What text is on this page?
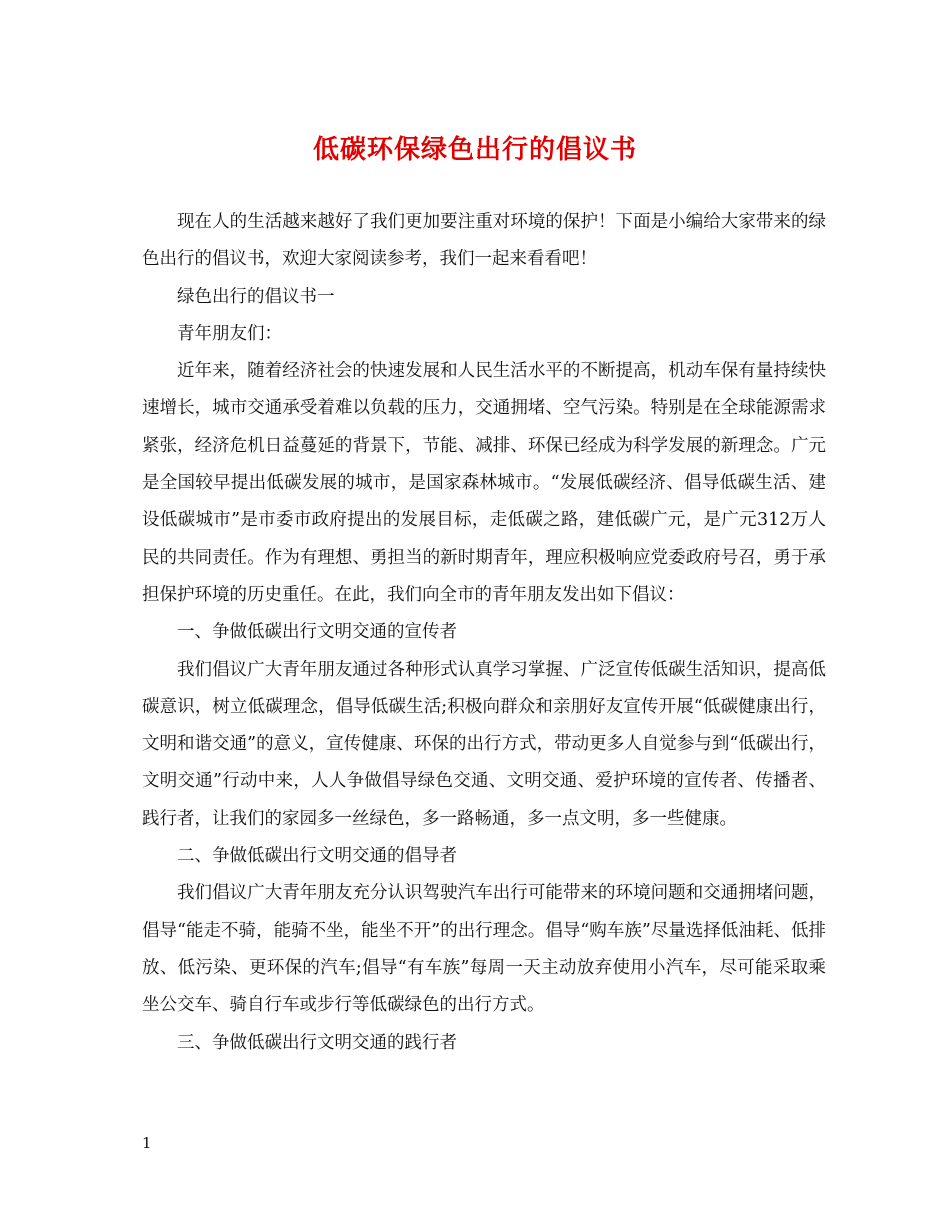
低碳环保绿色出行的倡议书

现在人的生活越来越好了我们更加要注重对环境的保护！下面是小编给大家带来的绿色出行的倡议书，欢迎大家阅读参考，我们一起来看看吧！

绿色出行的倡议书一

青年朋友们：

近年来，随着经济社会的快速发展和人民生活水平的不断提高，机动车保有量持续快速增长，城市交通承受着难以负载的压力，交通拥堵、空气污染。特别是在全球能源需求紧张，经济危机日益蔓延的背景下，节能、减排、环保已经成为科学发展的新理念。广元是全国较早提出低碳发展的城市，是国家森林城市。“发展低碳经济、倡导低碳生活、建设低碳城市”是市委市政府提出的发展目标，走低碳之路，建低碳广元，是广元312万人民的共同责任。作为有理想、勇担当的新时期青年，理应积极响应党委政府号召，勇于承担保护环境的历史重任。在此，我们向全市的青年朋友发出如下倡议：

一、争做低碳出行文明交通的宣传者

我们倡议广大青年朋友通过各种形式认真学习掌握、广泛宣传低碳生活知识，提高低碳意识，树立低碳理念，倡导低碳生活;积极向群众和亲朋好友宣传开展“低碳健康出行，文明和谐交通”的意义，宣传健康、环保的出行方式，带动更多人自觉参与到“低碳出行，文明交通”行动中来，人人争做倡导绿色交通、文明交通、爱护环境的宣传者、传播者、践行者，让我们的家园多一丝绿色，多一路畅通，多一点文明，多一些健康。

二、争做低碳出行文明交通的倡导者

我们倡议广大青年朋友充分认识驾驶汽车出行可能带来的环境问题和交通拥堵问题，倡导“能走不骑，能骑不坐，能坐不开”的出行理念。倡导“购车族”尽量选择低油耗、低排放、低污染、更环保的汽车;倡导“有车族”每周一天主动放弃使用小汽车，尽可能采取乘坐公交车、骑自行车或步行等低碳绿色的出行方式。

三、争做低碳出行文明交通的践行者

1
